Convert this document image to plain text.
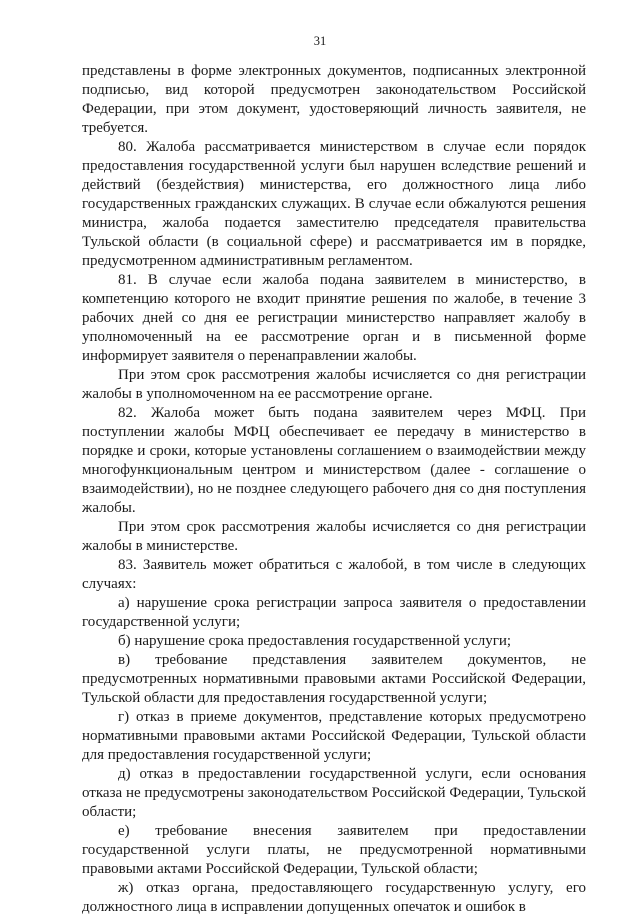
31

представлены в форме электронных документов, подписанных электронной подписью, вид которой предусмотрен законодательством Российской Федерации, при этом документ, удостоверяющий личность заявителя, не требуется.

80. Жалоба рассматривается министерством в случае если порядок предоставления государственной услуги был нарушен вследствие решений и действий (бездействия) министерства, его должностного лица либо государственных гражданских служащих. В случае если обжалуются решения министра, жалоба подается заместителю председателя правительства Тульской области (в социальной сфере) и рассматривается им в порядке, предусмотренном административным регламентом.

81. В случае если жалоба подана заявителем в министерство, в компетенцию которого не входит принятие решения по жалобе, в течение 3 рабочих дней со дня ее регистрации министерство направляет жалобу в уполномоченный на ее рассмотрение орган и в письменной форме информирует заявителя о перенаправлении жалобы.

При этом срок рассмотрения жалобы исчисляется со дня регистрации жалобы в уполномоченном на ее рассмотрение органе.

82. Жалоба может быть подана заявителем через МФЦ. При поступлении жалобы МФЦ обеспечивает ее передачу в министерство в порядке и сроки, которые установлены соглашением о взаимодействии между многофункциональным центром и министерством (далее - соглашение о взаимодействии), но не позднее следующего рабочего дня со дня поступления жалобы.

При этом срок рассмотрения жалобы исчисляется со дня регистрации жалобы в министерстве.

83. Заявитель может обратиться с жалобой, в том числе в следующих случаях:

а) нарушение срока регистрации запроса заявителя о предоставлении государственной услуги;

б) нарушение срока предоставления государственной услуги;

в) требование представления заявителем документов, не предусмотренных нормативными правовыми актами Российской Федерации, Тульской области для предоставления государственной услуги;

г) отказ в приеме документов, представление которых предусмотрено нормативными правовыми актами Российской Федерации, Тульской области для предоставления государственной услуги;

д) отказ в предоставлении государственной услуги, если основания отказа не предусмотрены законодательством Российской Федерации, Тульской области;

е) требование внесения заявителем при предоставлении государственной услуги платы, не предусмотренной нормативными правовыми актами Российской Федерации, Тульской области;

ж) отказ органа, предоставляющего государственную услугу, его должностного лица в исправлении допущенных опечаток и ошибок в
